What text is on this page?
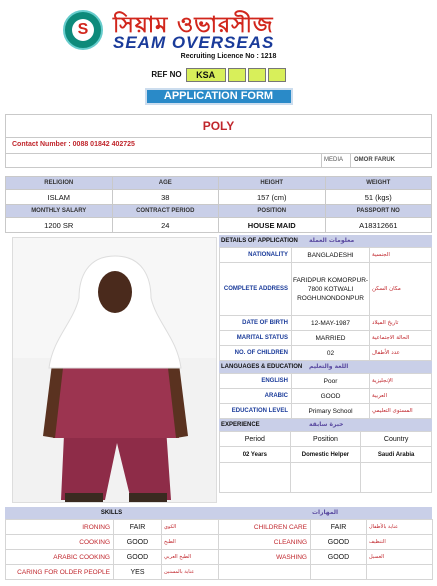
S সিয়াম ওভারসীজ
SEAM OVERSEAS
Recruiting Licence No : 1218
REF NO	KSA
APPLICATION FORM
POLY
Contact Number : 0088 01842 402725
MEDIA	OMOR FARUK
RELIGION	AGE	HEIGHT	WEIGHT
ISLAM	38	157 (cm)	51 (kgs)
MONTHLY SALARY	CONTRACT PERIOD	POSITION	PASSPORT NO
1200 SR	24	HOUSE MAID	A18312661
DETAILS OF APPLICATION معلومات العملة
NATIONALITY	BANGLADESHI	الجنسية
COMPLETE ADDRESS	FARIDPUR KOMORPUR-7800 KOTWALI ROGHUNONDONPUR	مكان السكن
DATE OF BIRTH	12-MAY-1987	تاريخ الميلاد
MARITAL STATUS	MARRIED	الحالة الاجتماعية
NO. OF CHILDREN	02	عدد الأطفال
LANGUAGES & EDUCATION اللغة والتعليم
ENGLISH	Poor	الإنجليزية
ARABIC	GOOD	العربية
EDUCATION LEVEL	Primary School	المستوى التعليمي
EXPERIENCE	خبرة سابقة
Period	Position	Country
02 Years	Domestic Helper	Saudi Arabia

SKILLS	المهارات
IRONING	FAIR	الكوي	CHILDREN CARE	FAIR	عناية بالأطفال
COOKING	GOOD	الطبخ	CLEANING	GOOD	التنظيف
ARABIC COOKING	GOOD	الطبخ العربي	WASHING	GOOD	الغسيل
CARING FOR OLDER PEOPLE	YES	عناية بالمسنين			
